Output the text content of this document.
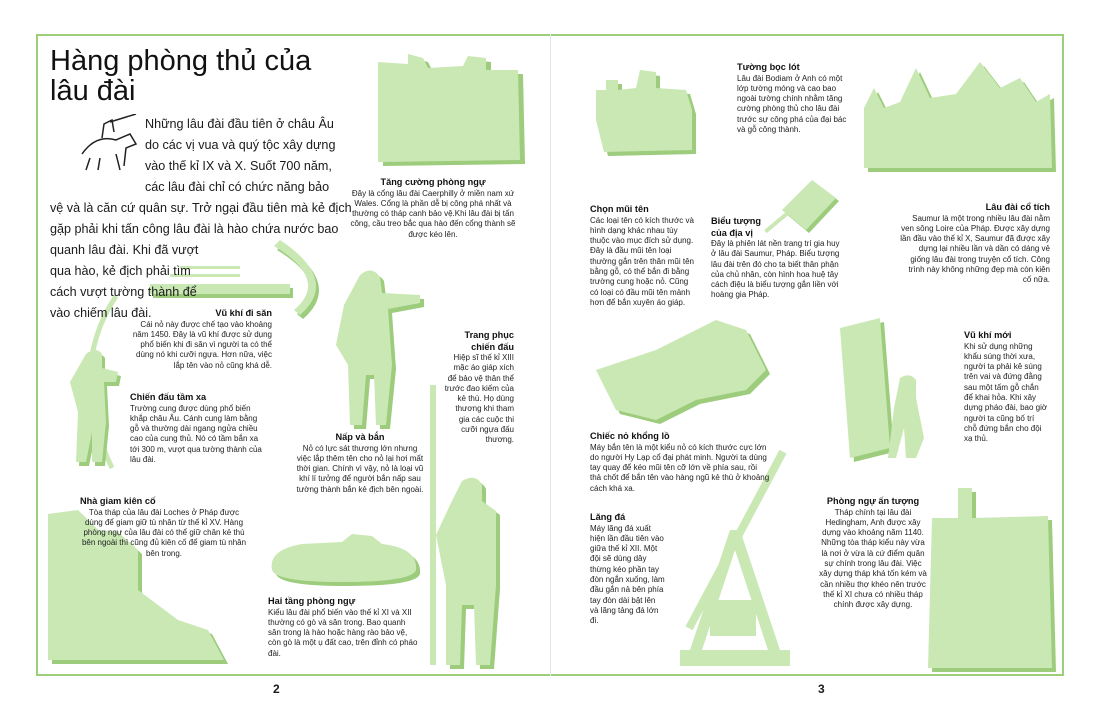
Hàng phòng thủ của lâu đài

Những lâu đài đầu tiên ở châu Âu

do các vị vua và quý tộc xây dựng

vào thế kỉ IX và X. Suốt 700 năm,

các lâu đài chỉ có chức năng bảo

vệ và là căn cứ quân sự. Trở ngại đầu tiên mà kẻ địch

gặp phải khi tấn công lâu đài là hào chứa nước bao

quanh lâu đài. Khi đã vượt

qua hào, kẻ địch phải tìm

cách vượt tường thành để

vào chiếm lâu đài.

Tăng cường phòng ngự
Đây là cổng lâu đài Caerphilly ở miền nam xứ Wales. Cổng là phần dễ bị công phá nhất và thường có tháp canh bảo vệ.Khi lâu đài bị tấn công, cầu treo bắc qua hào đến cổng thành sẽ được kéo lên.
Vũ khí đi săn
Cái nỏ này được chế tạo vào khoảng năm 1450. Đây là vũ khí được sử dụng phổ biến khi đi săn vì người ta có thể dùng nó khi cưỡi ngựa. Hơn nữa, việc lắp tên vào nỏ cũng khá dễ.
Chiến đấu tầm xa
Trường cung được dùng phổ biến khắp châu Âu. Cánh cung làm bằng gỗ và thường dài ngang ngửa chiều cao của cung thủ. Nó có tầm bắn xa tới 300 m, vượt qua tường thành của lâu đài.
Nấp và bắn
Nỏ có lực sát thương lớn nhưng việc lắp thêm tên cho nỏ lại hơi mất thời gian. Chính vì vậy, nỏ là loại vũ khí lí tưởng để người bắn nấp sau tường thành bắn kẻ địch bên ngoài.
Trang phục chiến đấu
Hiệp sĩ thế kỉ XIII mặc áo giáp xích để bảo vệ thân thể trước đao kiếm của kẻ thù. Họ dùng thương khi tham gia các cuộc thi cưỡi ngựa đấu thương.
Nhà giam kiên cố
Tòa tháp của lâu đài Loches ở Pháp được dùng để giam giữ tù nhân từ thế kỉ XV. Hàng phòng ngự của lâu đài có thể giữ chân kẻ thù bên ngoài thì cũng đủ kiên cố để giam tù nhân bên trong.
Hai tầng phòng ngự
Kiểu lâu đài phổ biến vào thế kỉ XI và XII thường có gò và sân trong. Bao quanh sân trong là hào hoặc hàng rào bảo vệ, còn gò là một ụ đất cao, trên đỉnh có pháo đài.
Tường bọc lót
Lâu đài Bodiam ở Anh có một lớp tường móng và cao bao ngoài tường chính nhằm tăng cường phòng thủ cho lâu đài trước sự công phá của đại bác và gỗ công thành.
Lâu đài cổ tích
Saumur là một trong nhiều lâu đài nằm ven sông Loire của Pháp. Được xây dựng lần đầu vào thế kỉ X, Saumur đã được xây dựng lại nhiều lần và dần có dáng vẻ giống lâu đài trong truyện cổ tích. Công trình này không những đẹp mà còn kiên cố nữa.
Chọn mũi tên
Các loại tên có kích thước và hình dạng khác nhau tùy thuộc vào mục đích sử dụng. Đây là đầu mũi tên loại thường gắn trên thân mũi tên bằng gỗ, có thể bắn đi bằng trường cung hoặc nỏ. Cũng có loại có đầu mũi tên mảnh hơn để bắn xuyên áo giáp.
Biểu tượng của địa vị
Đây là phiên lát nền trang trí gia huy ở lâu đài Saumur, Pháp. Biểu tượng lâu đài trên đó cho ta biết thân phận của chủ nhân, còn hình hoa huệ tây cách điệu là biểu tượng gắn liền với hoàng gia Pháp.
Vũ khí mới
Khi sử dụng những khẩu súng thời xưa, người ta phải kê súng trên vai và đứng đằng sau một tấm gỗ chắn để khai hỏa. Khi xây dựng pháo đài, bao giờ người ta cũng bố trí chỗ đứng bắn cho đội xạ thủ.
Chiếc nỏ khổng lồ
Máy bắn tên là một kiểu nỏ có kích thước cực lớn do người Hy Lạp cổ đại phát minh. Người ta dùng tay quay để kéo mũi tên cỡ lớn về phía sau, rồi thả chốt để bắn tên vào hàng ngũ kẻ thù ở khoảng cách khá xa.
Lăng đá
Máy lăng đá xuất hiện lần đầu tiên vào giữa thế kỉ XII. Một đội sẽ dùng dây thừng kéo phần tay đòn ngắn xuống, làm đầu gắn nả bên phía tay đòn dài bật lên và lăng tảng đá lớn đi.
Phòng ngự ấn tượng
Tháp chính tại lâu đài Hedingham, Anh được xây dựng vào khoảng năm 1140. Những tòa tháp kiểu này vừa là nơi ở vừa là cứ điểm quân sự chính trong lâu đài. Việc xây dựng tháp khá tốn kém và cần nhiều thợ khéo nên trước thế kỉ XI chưa có nhiều tháp chính được xây dựng.
2	3
